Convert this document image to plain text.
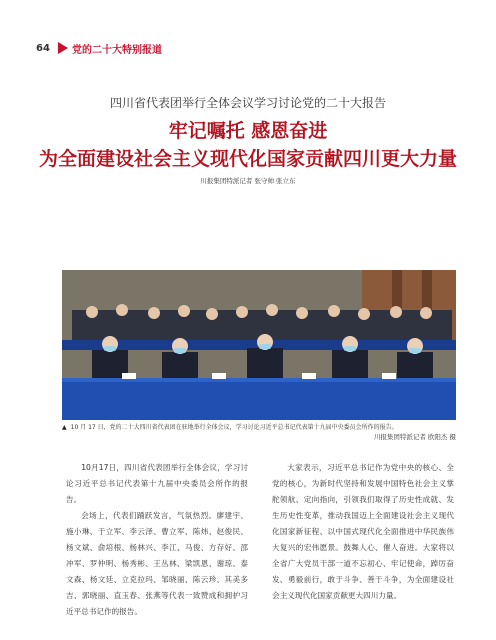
64	党的二十大特别报道
四川省代表团举行全体会议学习讨论党的二十大报告
牢记嘱托 感恩奋进
为全面建设社会主义现代化国家贡献四川更大力量
川报集团特派记者 张守帅 张立东
▲ 10 月 17 日，党的二十大四川省代表团在驻地举行全体会议，学习讨论习近平总书记代表第十九届中央委员会所作的报告。
川报集团特派记者 欧阳杰 摄

10月17日，四川省代表团举行全体会议，学习讨论习近平总书记代表第十九届中央委员会所作的报告。

会场上，代表们踊跃发言，气氛热烈。廖建宇、施小琳、于立军、李云泽、曹立军、陈炜、赵俊民、杨文斌、俞培根、杨林兴、李江、马俊、方存好、邵冲军、罗仲明、杨秀彬、王丛林、梁凯恩、谢琼、泰文森、杨文廷、立克拉玛、邹晓丽、陈云珍、其美多吉、郭晓丽、直玉春、张燕等代表一致赞成和拥护习近平总书记作的报告。

大家表示，习近平总书记作为党中央的核心、全党的核心，为新时代坚持和发展中国特色社会主义掌舵领航、定向指向，引领我们取得了历史性成就、发生历史性变革，推动我国迈上全面建设社会主义现代化国家新征程、以中国式现代化全面推进中华民族伟大复兴的宏伟愿景。鼓舞人心、催人奋进。大家将以全省广大党员干部一道不忘初心、牢记使命，踔厉奋发、勇毅前行，敢于斗争、善于斗争，为全面建设社会主义现代化国家贡献更大四川力量。
